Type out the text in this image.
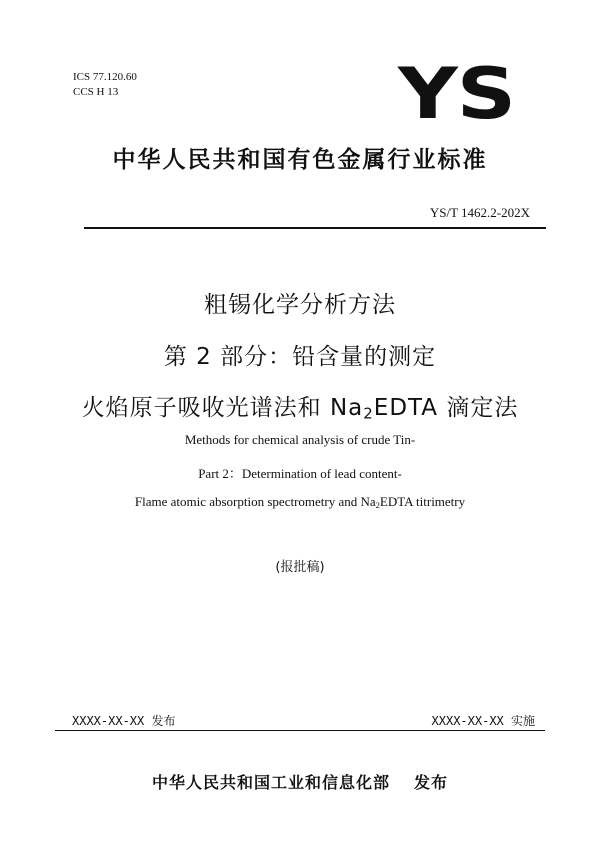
ICS 77.120.60
CCS H 13	YS
中华人民共和国有色金属行业标准
YS/T 1462.2-202X
粗锡化学分析方法
第 2 部分：铅含量的测定
火焰原子吸收光谱法和 $Na_2EDTA$ 滴定法
Methods for chemical analysis of crude Tin-
Part 2：Determination of lead content-
Flame atomic absorption spectrometry and $Na_2EDTA$ titrimetry
(报批稿)
XXXX-XX-XX 发布	XXXX-XX-XX 实施
中华人民共和国工业和信息化部 发布
